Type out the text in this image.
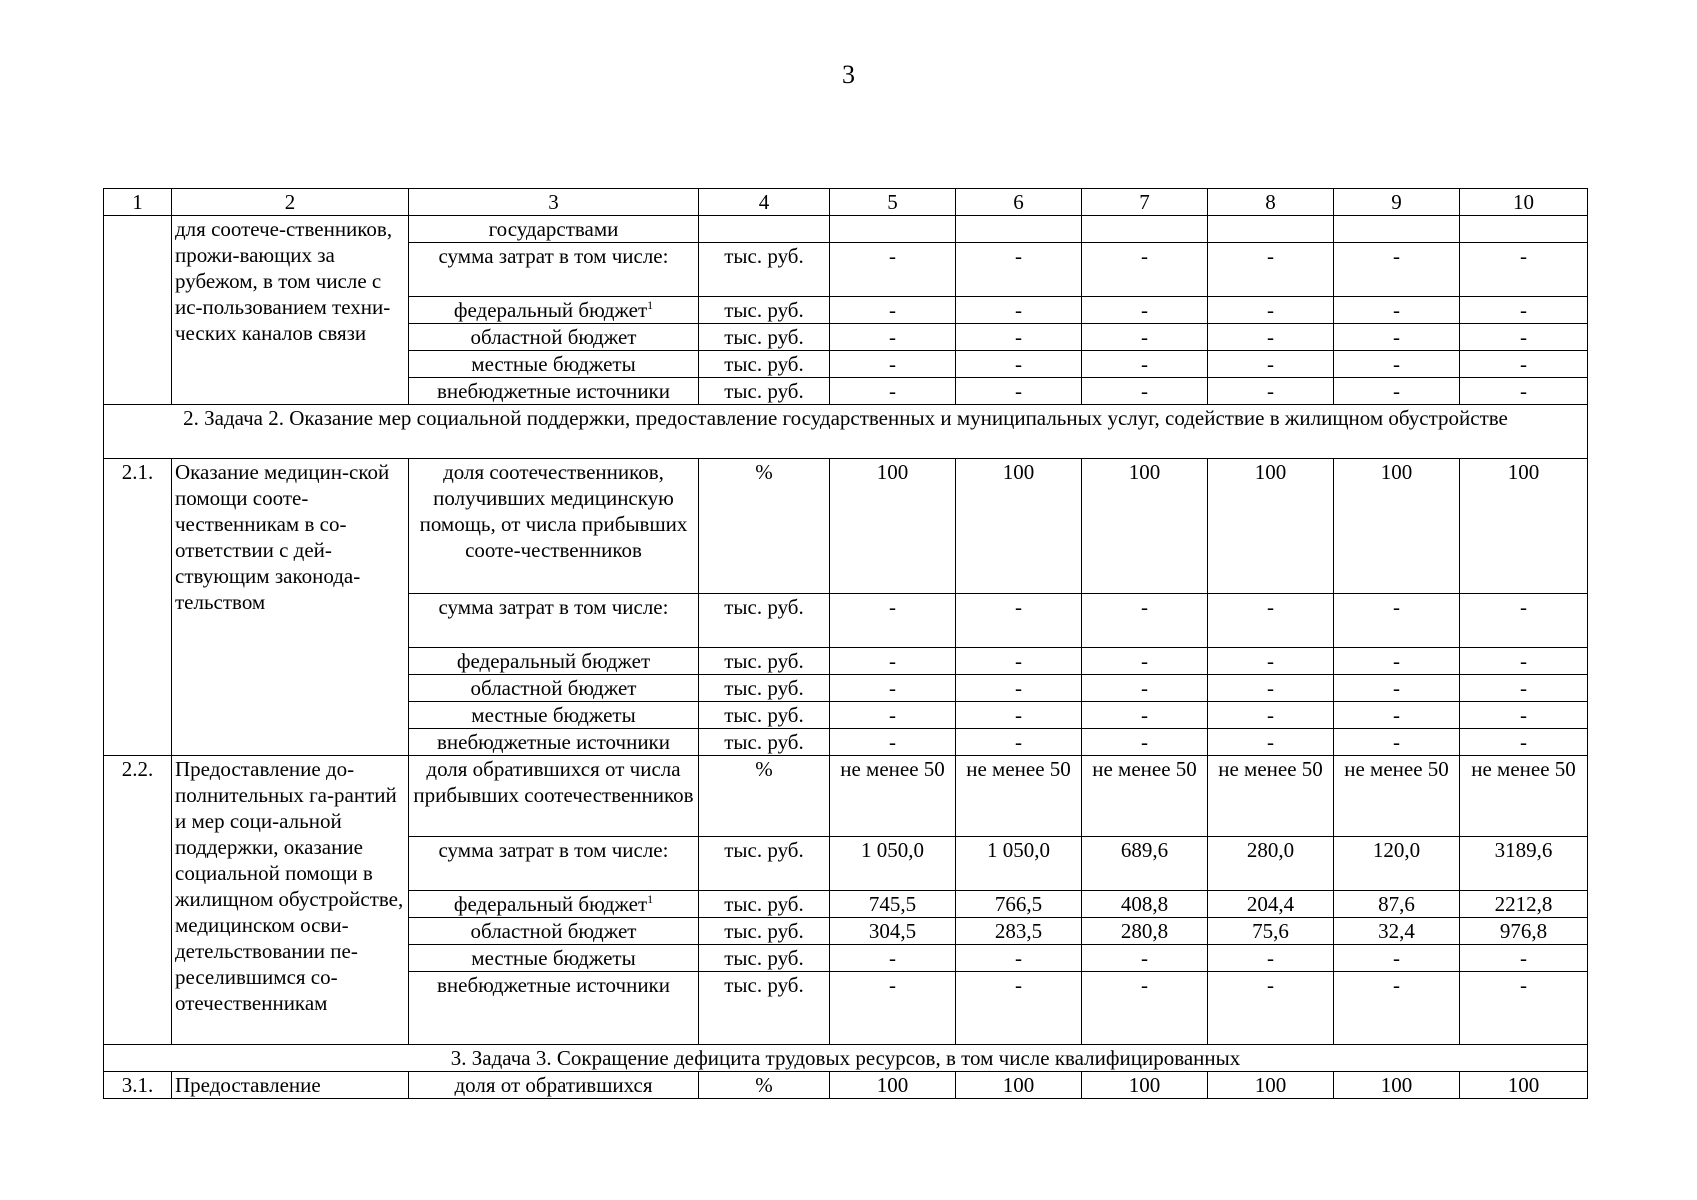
3
1	2	3	4	5	6	7	8	9	10
	для соотече-ственников, прожи-вающих за рубежом, в том числе с ис-пользованием техни-ческих каналов связи	государствами							
		сумма затрат в том числе:	тыс. руб.	-	-	-	-	-	-
		федеральный бюджет$^1$	тыс. руб.	-	-	-	-	-	-
		областной бюджет	тыс. руб.	-	-	-	-	-	-
		местные бюджеты	тыс. руб.	-	-	-	-	-	-
		внебюджетные источники	тыс. руб.	-	-	-	-	-	-
2. Задача 2. Оказание мер социальной поддержки, предоставление государственных и муниципальных услуг, содействие в жилищном обустройстве									
2.1.	Оказание медицин-ской помощи сооте-чественникам в со-ответствии с дей-ствующим законода-тельством	доля соотечественников, получивших медицинскую помощь, от числа прибывших сооте-чественников	%	100	100	100	100	100	100
		сумма затрат в том числе:	тыс. руб.	-	-	-	-	-	-
		федеральный бюджет	тыс. руб.	-	-	-	-	-	-
		областной бюджет	тыс. руб.	-	-	-	-	-	-
		местные бюджеты	тыс. руб.	-	-	-	-	-	-
		внебюджетные источники	тыс. руб.	-	-	-	-	-	-
2.2.	Предоставление до-полнительных га-рантий и мер соци-альной поддержки, оказание социальной помощи в жилищном обустройстве, медицинском осви-детельствовании пе-реселившимся со-отечественникам	доля обратившихся от числа прибывших соотечественников	%	не менее 50	не менее 50	не менее 50	не менее 50	не менее 50	не менее 50
		сумма затрат в том числе:	тыс. руб.	1 050,0	1 050,0	689,6	280,0	120,0	3189,6
		федеральный бюджет$^1$	тыс. руб.	745,5	766,5	408,8	204,4	87,6	2212,8
		областной бюджет	тыс. руб.	304,5	283,5	280,8	75,6	32,4	976,8
		местные бюджеты	тыс. руб.	-	-	-	-	-	-
		внебюджетные источники	тыс. руб.	-	-	-	-	-	-
3. Задача 3. Сокращение дефицита трудовых ресурсов, в том числе квалифицированных									
3.1.	Предоставление	доля от обратившихся	%	100	100	100	100	100	100
